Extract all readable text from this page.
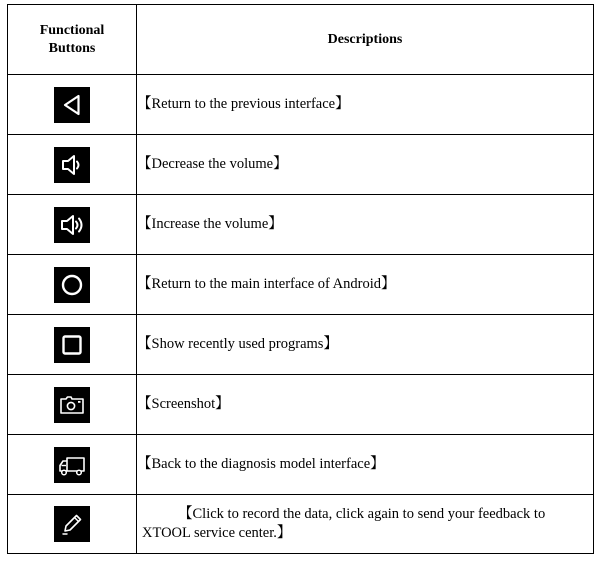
Functional
Buttons	Descriptions

	【Return to the previous interface】

	【Decrease the volume】

	【Increase the volume】

	【Return to the main interface of Android】

	【Show recently used programs】

	【Screenshot】

	【Back to the diagnosis model interface】

	【Click to record the data, click again to send your feedback to XTOOL service center.】
